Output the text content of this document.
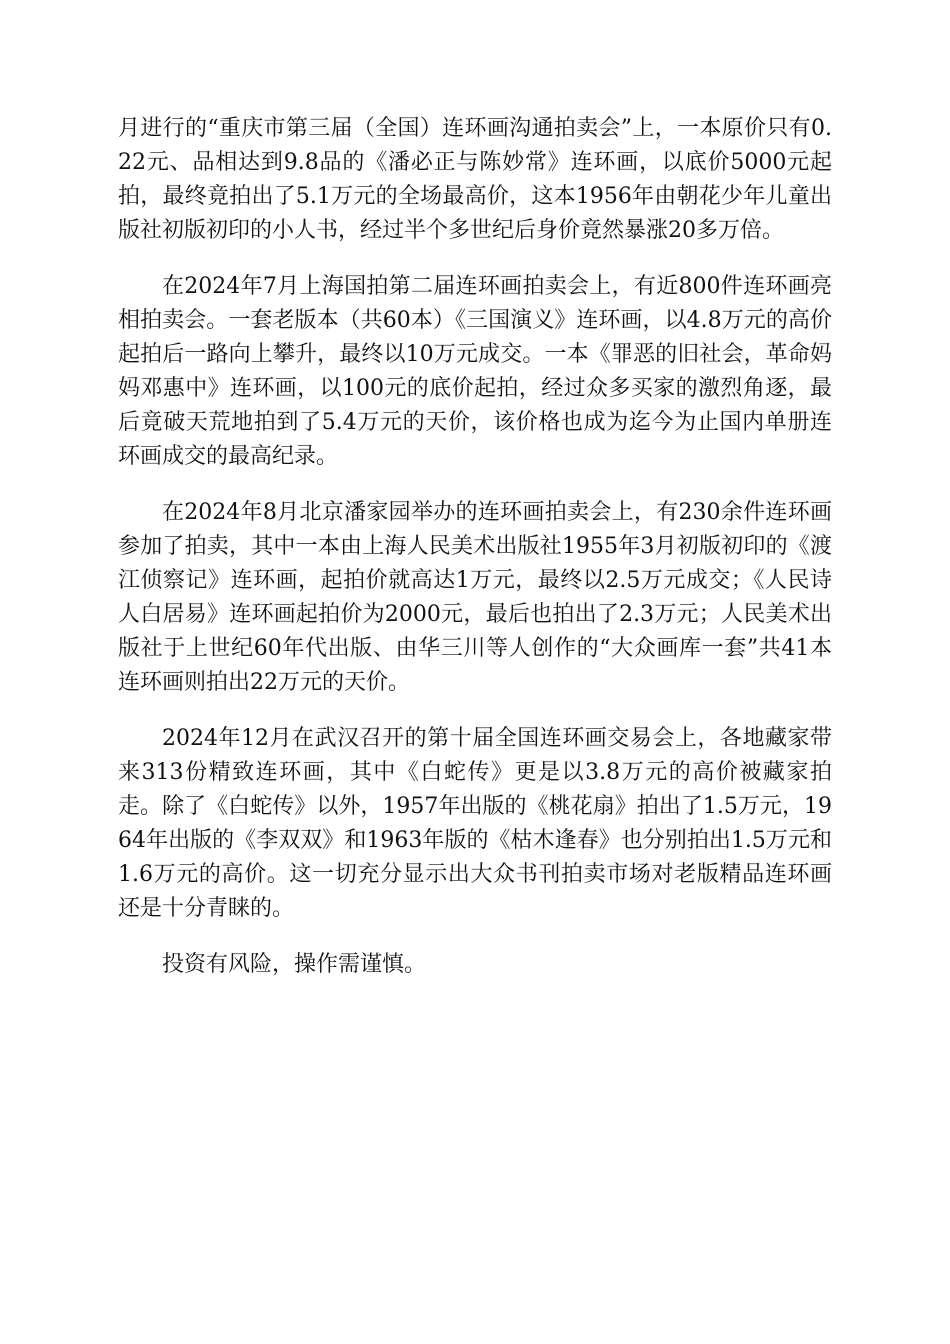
月进行的“重庆市第三届（全国）连环画沟通拍卖会”上，一本原价只有0.22元、品相达到9.8品的《潘必正与陈妙常》连环画，以底价5000元起拍，最终竟拍出了5.1万元的全场最高价，这本1956年由朝花少年儿童出版社初版初印的小人书，经过半个多世纪后身价竟然暴涨20多万倍。

在2024年7月上海国拍第二届连环画拍卖会上，有近800件连环画亮相拍卖会。一套老版本（共60本）《三国演义》连环画，以4.8万元的高价起拍后一路向上攀升，最终以10万元成交。一本《罪恶的旧社会，革命妈妈邓惠中》连环画，以100元的底价起拍，经过众多买家的激烈角逐，最后竟破天荒地拍到了5.4万元的天价，该价格也成为迄今为止国内单册连环画成交的最高纪录。

在2024年8月北京潘家园举办的连环画拍卖会上，有230余件连环画参加了拍卖，其中一本由上海人民美术出版社1955年3月初版初印的《渡江侦察记》连环画，起拍价就高达1万元，最终以2.5万元成交；《人民诗人白居易》连环画起拍价为2000元，最后也拍出了2.3万元；人民美术出版社于上世纪60年代出版、由华三川等人创作的“大众画库一套”共41本连环画则拍出22万元的天价。

2024年12月在武汉召开的第十届全国连环画交易会上，各地藏家带来313份精致连环画，其中《白蛇传》更是以3.8万元的高价被藏家拍走。除了《白蛇传》以外，1957年出版的《桃花扇》拍出了1.5万元，1964年出版的《李双双》和1963年版的《枯木逢春》也分别拍出1.5万元和1.6万元的高价。这一切充分显示出大众书刊拍卖市场对老版精品连环画还是十分青睐的。

投资有风险，操作需谨慎。
